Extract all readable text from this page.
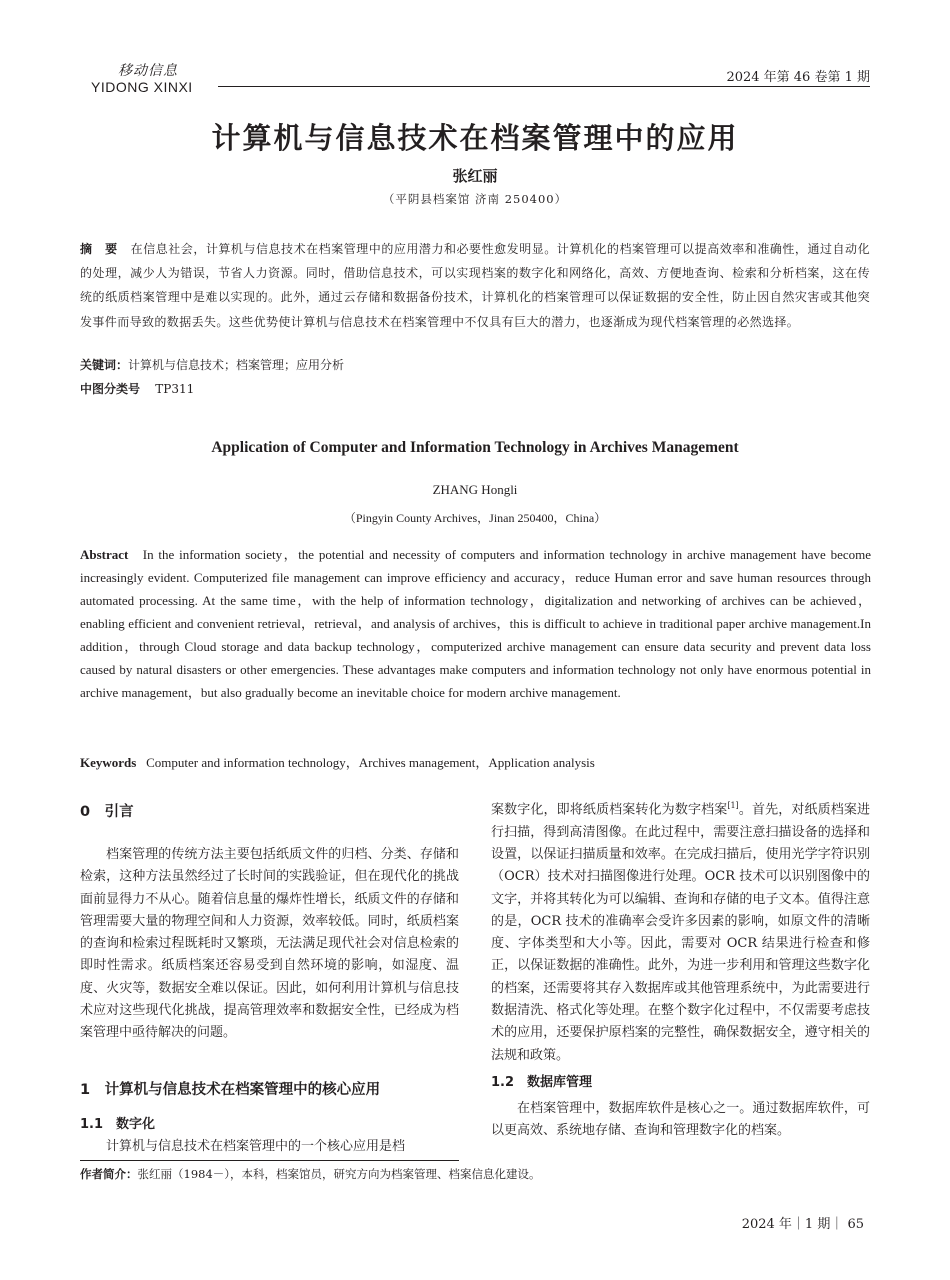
移动信息
YIDONG XINXI
2024 年第 46 卷第 1 期
计算机与信息技术在档案管理中的应用
张红丽
（平阴县档案馆 济南 250400）
摘　要 在信息社会，计算机与信息技术在档案管理中的应用潜力和必要性愈发明显。计算机化的档案管理可以提高效率和准确性，通过自动化的处理，减少人为错误，节省人力资源。同时，借助信息技术，可以实现档案的数字化和网络化，高效、方便地查询、检索和分析档案，这在传统的纸质档案管理中是难以实现的。此外，通过云存储和数据备份技术，计算机化的档案管理可以保证数据的安全性，防止因自然灾害或其他突发事件而导致的数据丢失。这些优势使计算机与信息技术在档案管理中不仅具有巨大的潜力，也逐渐成为现代档案管理的必然选择。
关键词：计算机与信息技术；档案管理；应用分析
中图分类号 TP311
Application of Computer and Information Technology in Archives Management
ZHANG Hongli
（Pingyin County Archives，Jinan 250400，China）
Abstract In the information society，the potential and necessity of computers and information technology in archive management have become increasingly evident. Computerized file management can improve efficiency and accuracy，reduce Human error and save human resources through automated processing. At the same time，with the help of information technology，digitalization and networking of archives can be achieved，enabling efficient and convenient retrieval，retrieval，and analysis of archives，this is difficult to achieve in traditional paper archive management.In addition，through Cloud storage and data backup technology，computerized archive management can ensure data security and prevent data loss caused by natural disasters or other emergencies. These advantages make computers and information technology not only have enormous potential in archive management，but also gradually become an inevitable choice for modern archive management.
Keywords Computer and information technology，Archives management，Application analysis
0　引言

档案管理的传统方法主要包括纸质文件的归档、分类、存储和检索，这种方法虽然经过了长时间的实践验证，但在现代化的挑战面前显得力不从心。随着信息量的爆炸性增长，纸质文件的存储和管理需要大量的物理空间和人力资源，效率较低。同时，纸质档案的查询和检索过程既耗时又繁琐，无法满足现代社会对信息检索的即时性需求。纸质档案还容易受到自然环境的影响，如湿度、温度、火灾等，数据安全难以保证。因此，如何利用计算机与信息技术应对这些现代化挑战，提高管理效率和数据安全性，已经成为档案管理中亟待解决的问题。

1　计算机与信息技术在档案管理中的核心应用
1.1　数字化

计算机与信息技术在档案管理中的一个核心应用是档

作者简介：张红丽（1984－），本科，档案馆员，研究方向为档案管理、档案信息化建设。
案数字化，即将纸质档案转化为数字档案[1]。首先，对纸质档案进行扫描，得到高清图像。在此过程中，需要注意扫描设备的选择和设置，以保证扫描质量和效率。在完成扫描后，使用光学字符识别（OCR）技术对扫描图像进行处理。OCR 技术可以识别图像中的文字，并将其转化为可以编辑、查询和存储的电子文本。值得注意的是，OCR 技术的准确率会受许多因素的影响，如原文件的清晰度、字体类型和大小等。因此，需要对 OCR 结果进行检查和修正，以保证数据的准确性。此外，为进一步利用和管理这些数字化的档案，还需要将其存入数据库或其他管理系统中，为此需要进行数据清洗、格式化等处理。在整个数字化过程中，不仅需要考虑技术的应用，还要保护原档案的完整性，确保数据安全，遵守相关的法规和政策。
1.2　数据库管理

在档案管理中，数据库软件是核心之一。通过数据库软件，可以更高效、系统地存储、查询和管理数字化的档案。

2024 年｜1 期｜ 65
